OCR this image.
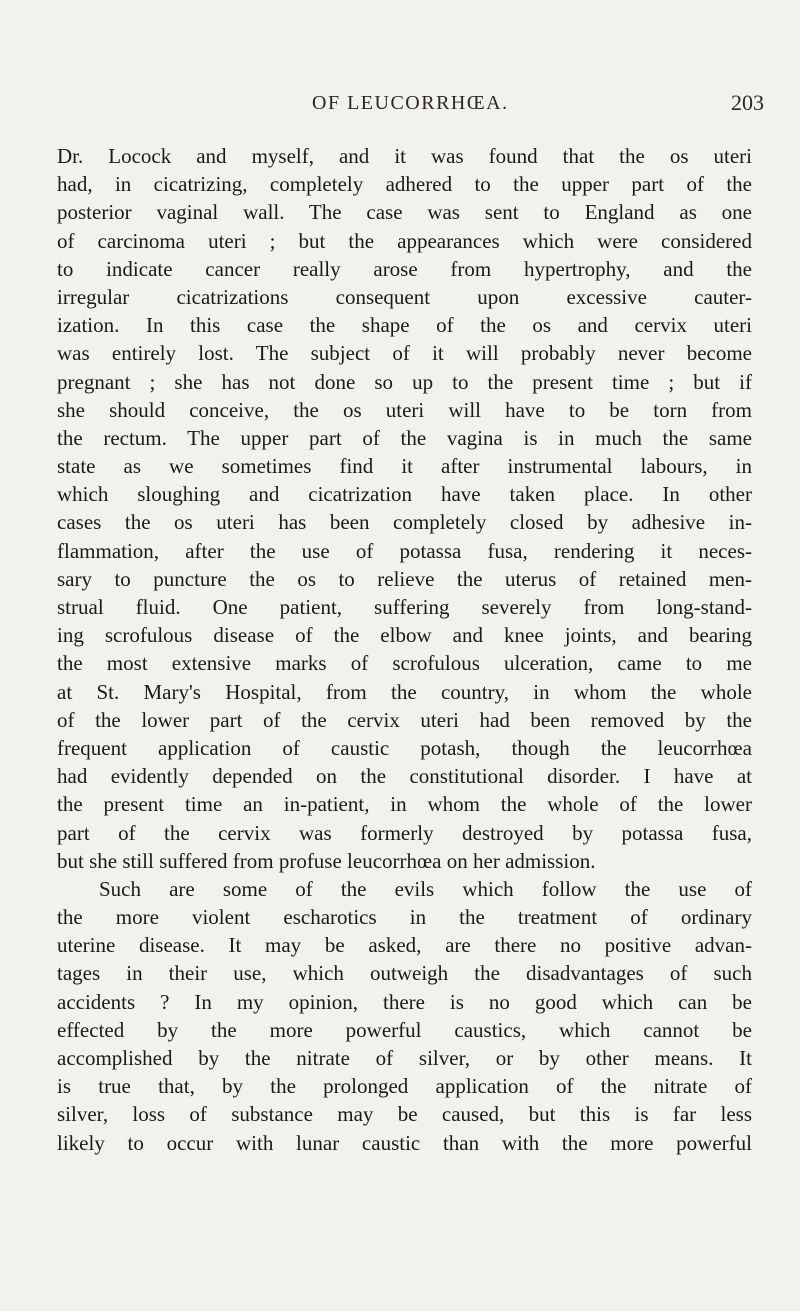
OF LEUCORRHŒA.	203
Dr. Locock and myself, and it was found that the os uteri
had, in cicatrizing, completely adhered to the upper part of the
posterior vaginal wall. The case was sent to England as one
of carcinoma uteri ; but the appearances which were considered
to indicate cancer really arose from hypertrophy, and the
irregular cicatrizations consequent upon excessive cauter-
ization. In this case the shape of the os and cervix uteri
was entirely lost. The subject of it will probably never become
pregnant ; she has not done so up to the present time ; but if
she should conceive, the os uteri will have to be torn from
the rectum. The upper part of the vagina is in much the same
state as we sometimes find it after instrumental labours, in
which sloughing and cicatrization have taken place. In other
cases the os uteri has been completely closed by adhesive in-
flammation, after the use of potassa fusa, rendering it neces-
sary to puncture the os to relieve the uterus of retained men-
strual fluid. One patient, suffering severely from long-stand-
ing scrofulous disease of the elbow and knee joints, and bearing
the most extensive marks of scrofulous ulceration, came to me
at St. Mary's Hospital, from the country, in whom the whole
of the lower part of the cervix uteri had been removed by the
frequent application of caustic potash, though the leucorrhœa
had evidently depended on the constitutional disorder. I have at
the present time an in-patient, in whom the whole of the lower
part of the cervix was formerly destroyed by potassa fusa,
but she still suffered from profuse leucorrhœa on her admission.
Such are some of the evils which follow the use of
the more violent escharotics in the treatment of ordinary
uterine disease. It may be asked, are there no positive advan-
tages in their use, which outweigh the disadvantages of such
accidents ? In my opinion, there is no good which can be
effected by the more powerful caustics, which cannot be
accomplished by the nitrate of silver, or by other means. It
is true that, by the prolonged application of the nitrate of
silver, loss of substance may be caused, but this is far less
likely to occur with lunar caustic than with the more powerful
